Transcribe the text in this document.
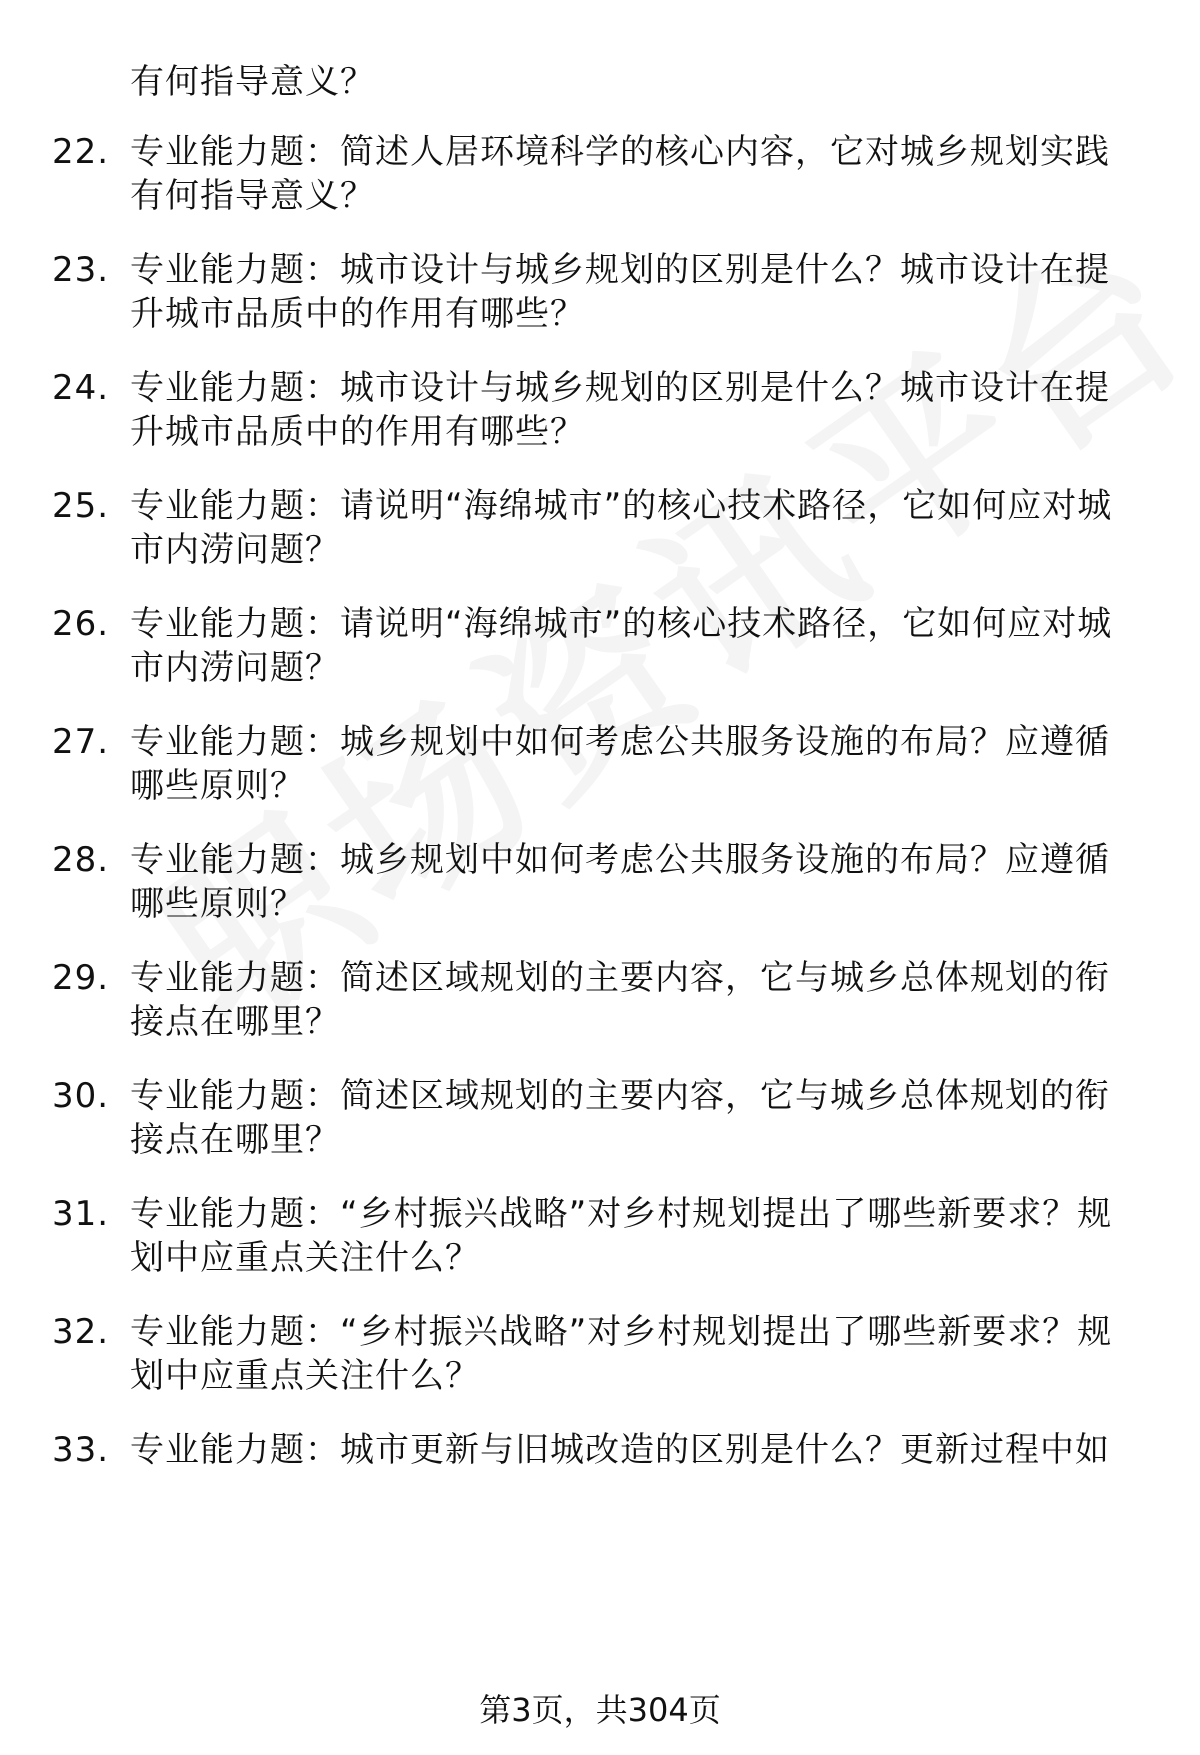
有何指导意义？
22. 专业能力题：简述人居环境科学的核心内容，它对城乡规划实践有何指导意义？
23. 专业能力题：城市设计与城乡规划的区别是什么？城市设计在提升城市品质中的作用有哪些？
24. 专业能力题：城市设计与城乡规划的区别是什么？城市设计在提升城市品质中的作用有哪些？
25. 专业能力题：请说明“海绵城市”的核心技术路径，它如何应对城市内涝问题？
26. 专业能力题：请说明“海绵城市”的核心技术路径，它如何应对城市内涝问题？
27. 专业能力题：城乡规划中如何考虑公共服务设施的布局？应遵循哪些原则？
28. 专业能力题：城乡规划中如何考虑公共服务设施的布局？应遵循哪些原则？
29. 专业能力题：简述区域规划的主要内容，它与城乡总体规划的衔接点在哪里？
30. 专业能力题：简述区域规划的主要内容，它与城乡总体规划的衔接点在哪里？
31. 专业能力题：“乡村振兴战略”对乡村规划提出了哪些新要求？规划中应重点关注什么？
32. 专业能力题：“乡村振兴战略”对乡村规划提出了哪些新要求？规划中应重点关注什么？
33. 专业能力题：城市更新与旧城改造的区别是什么？更新过程中如
第3页，共304页
